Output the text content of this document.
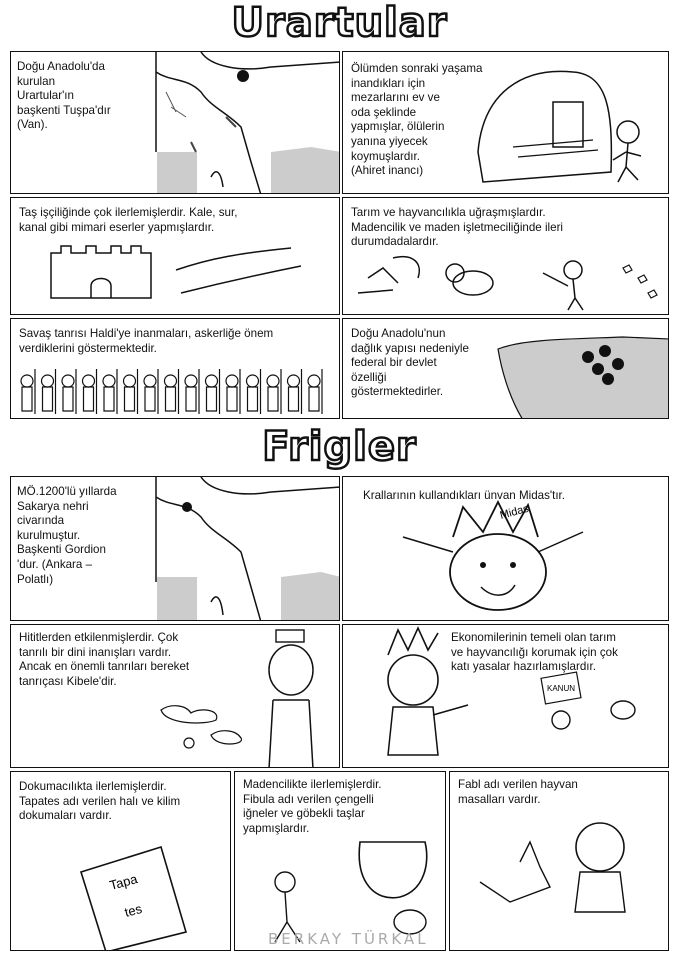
Urartular
Doğu Anadolu'da
kurulan
Urartular'ın
başkenti Tuşpa'dır
(Van).
Ölümden sonraki yaşama
inandıkları için
mezarlarını ev ve
oda şeklinde
yapmışlar, ölülerin
yanına yiyecek
koymuşlardır.
(Ahiret inancı)
Taş işçiliğinde çok ilerlemişlerdir. Kale, sur,
kanal gibi mimari eserler yapmışlardır.
Tarım ve hayvancılıkla uğraşmışlardır.
Madencilik ve maden işletmeciliğinde ileri
durumdadalardır.
Savaş tanrısı Haldi'ye inanmaları, askerliğe önem
verdiklerini göstermektedir.
Doğu Anadolu'nun
dağlık yapısı nedeniyle
federal bir devlet
özelliği
göstermektedirler.
Frigler
MÖ.1200'lü yıllarda
Sakarya nehri
civarında
kurulmuştur.
Başkenti Gordion
'dur. (Ankara –
Polatlı)
Krallarının kullandıkları ünvan Midas'tır.
Midas
Hititlerden etkilenmişlerdir. Çok
tanrılı bir dini inanışları vardır.
Ancak en önemli tanrıları bereket
tanrıçası Kibele'dir.
Ekonomilerinin temeli olan tarım
ve hayvancılığı korumak için çok
katı yasalar hazırlamışlardır.
KANUN
Dokumacılıkta ilerlemişlerdir.
Tapates adı verilen halı ve kilim
dokumaları vardır.
Tapa
tes
Madencilikte ilerlemişlerdir.
Fibula adı verilen çengelli
iğneler ve göbekli taşlar
yapmışlardır.
Fabl adı verilen hayvan
masalları vardır.
BERKAY TÜRKAL
